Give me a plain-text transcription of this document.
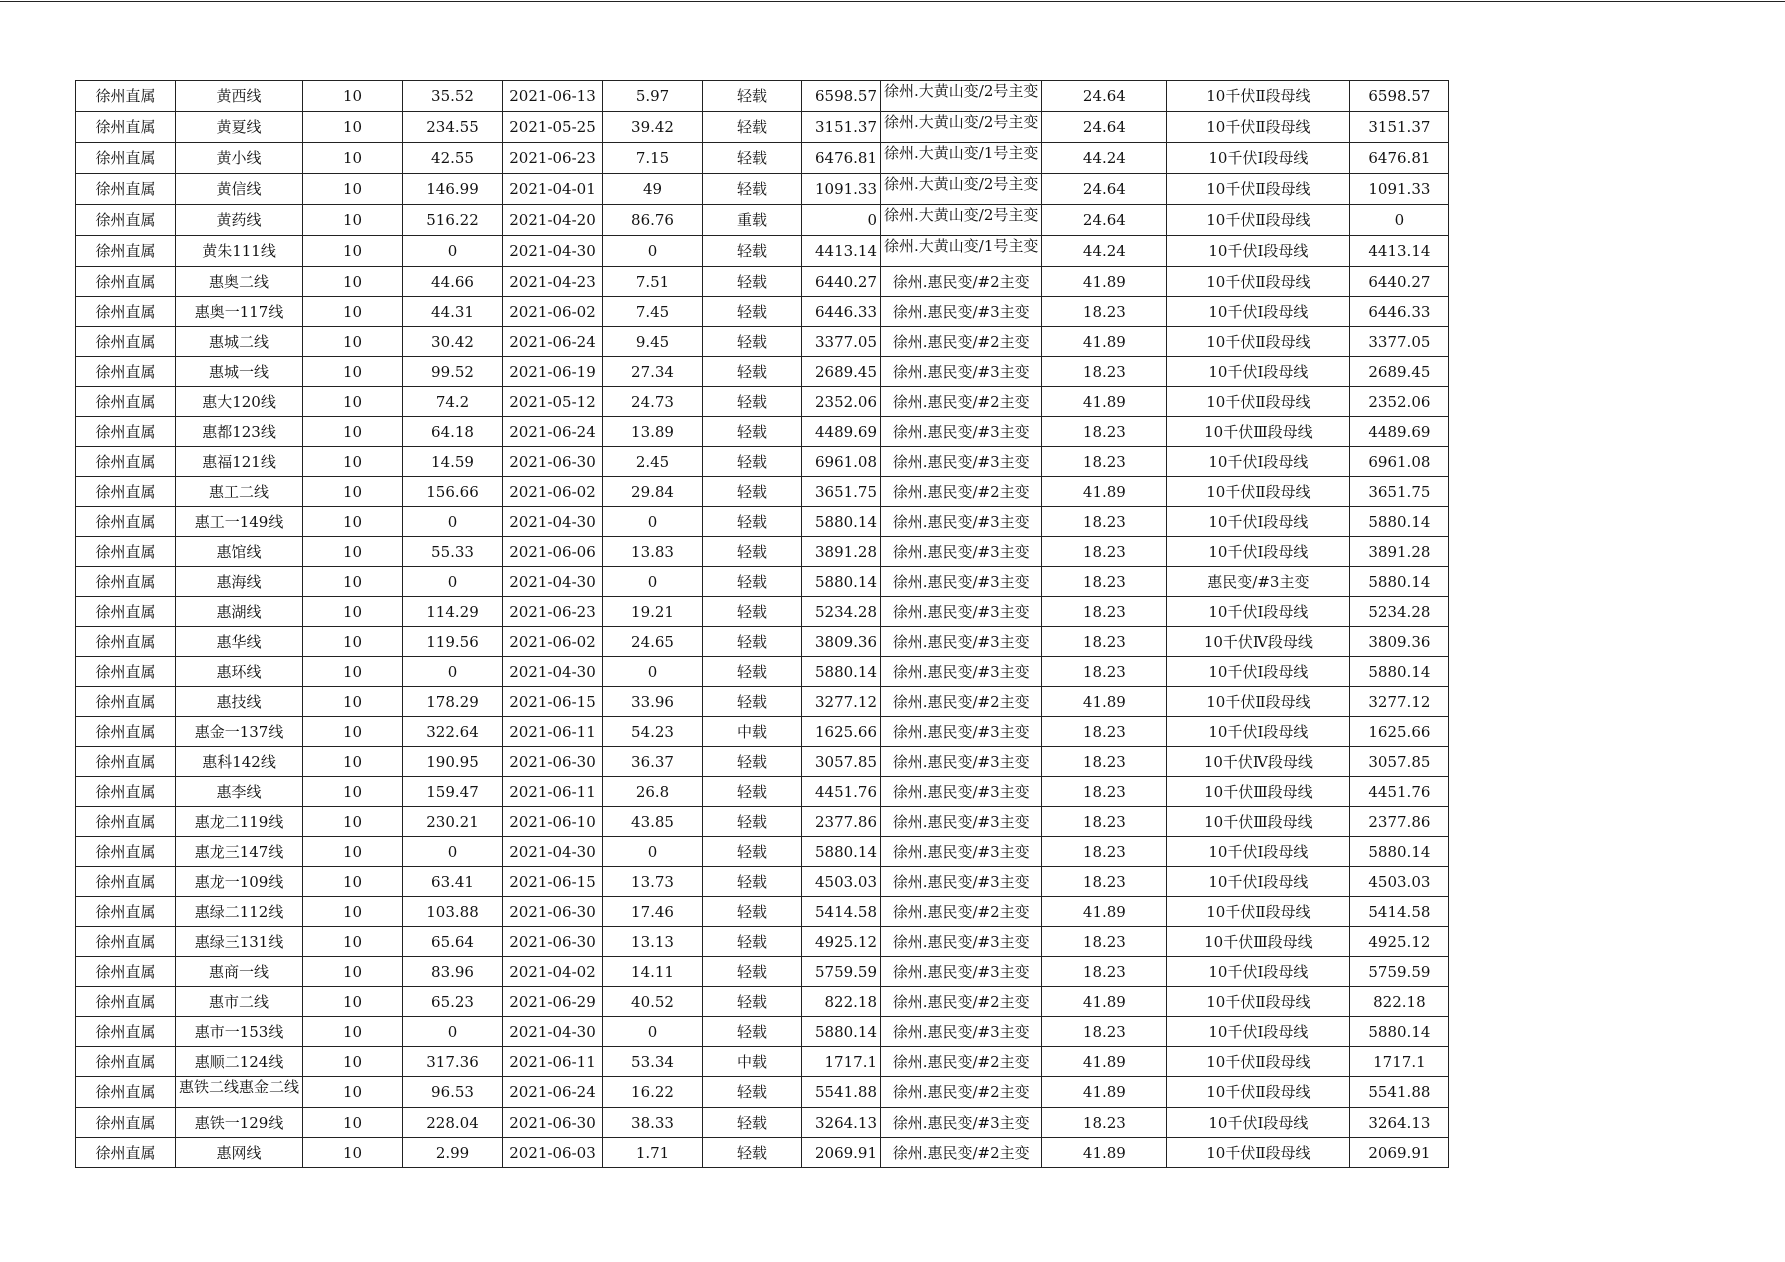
徐州直属	黄西线	10	35.52	2021-06-13	5.97	轻载	6598.57	徐州.大黄山变/2号主变	24.64	10千伏Ⅱ段母线	6598.57
徐州直属	黄夏线	10	234.55	2021-05-25	39.42	轻载	3151.37	徐州.大黄山变/2号主变	24.64	10千伏Ⅱ段母线	3151.37
徐州直属	黄小线	10	42.55	2021-06-23	7.15	轻载	6476.81	徐州.大黄山变/1号主变	44.24	10千伏Ⅰ段母线	6476.81
徐州直属	黄信线	10	146.99	2021-04-01	49	轻载	1091.33	徐州.大黄山变/2号主变	24.64	10千伏Ⅱ段母线	1091.33
徐州直属	黄药线	10	516.22	2021-04-20	86.76	重载	0	徐州.大黄山变/2号主变	24.64	10千伏Ⅱ段母线	0
徐州直属	黄朱111线	10	0	2021-04-30	0	轻载	4413.14	徐州.大黄山变/1号主变	44.24	10千伏Ⅰ段母线	4413.14
徐州直属	惠奥二线	10	44.66	2021-04-23	7.51	轻载	6440.27	徐州.惠民变/#2主变	41.89	10千伏Ⅱ段母线	6440.27
徐州直属	惠奥一117线	10	44.31	2021-06-02	7.45	轻载	6446.33	徐州.惠民变/#3主变	18.23	10千伏Ⅰ段母线	6446.33
徐州直属	惠城二线	10	30.42	2021-06-24	9.45	轻载	3377.05	徐州.惠民变/#2主变	41.89	10千伏Ⅱ段母线	3377.05
徐州直属	惠城一线	10	99.52	2021-06-19	27.34	轻载	2689.45	徐州.惠民变/#3主变	18.23	10千伏Ⅰ段母线	2689.45
徐州直属	惠大120线	10	74.2	2021-05-12	24.73	轻载	2352.06	徐州.惠民变/#2主变	41.89	10千伏Ⅱ段母线	2352.06
徐州直属	惠都123线	10	64.18	2021-06-24	13.89	轻载	4489.69	徐州.惠民变/#3主变	18.23	10千伏Ⅲ段母线	4489.69
徐州直属	惠福121线	10	14.59	2021-06-30	2.45	轻载	6961.08	徐州.惠民变/#3主变	18.23	10千伏Ⅰ段母线	6961.08
徐州直属	惠工二线	10	156.66	2021-06-02	29.84	轻载	3651.75	徐州.惠民变/#2主变	41.89	10千伏Ⅱ段母线	3651.75
徐州直属	惠工一149线	10	0	2021-04-30	0	轻载	5880.14	徐州.惠民变/#3主变	18.23	10千伏Ⅰ段母线	5880.14
徐州直属	惠馆线	10	55.33	2021-06-06	13.83	轻载	3891.28	徐州.惠民变/#3主变	18.23	10千伏Ⅰ段母线	3891.28
徐州直属	惠海线	10	0	2021-04-30	0	轻载	5880.14	徐州.惠民变/#3主变	18.23	惠民变/#3主变	5880.14
徐州直属	惠湖线	10	114.29	2021-06-23	19.21	轻载	5234.28	徐州.惠民变/#3主变	18.23	10千伏Ⅰ段母线	5234.28
徐州直属	惠华线	10	119.56	2021-06-02	24.65	轻载	3809.36	徐州.惠民变/#3主变	18.23	10千伏Ⅳ段母线	3809.36
徐州直属	惠环线	10	0	2021-04-30	0	轻载	5880.14	徐州.惠民变/#3主变	18.23	10千伏Ⅰ段母线	5880.14
徐州直属	惠技线	10	178.29	2021-06-15	33.96	轻载	3277.12	徐州.惠民变/#2主变	41.89	10千伏Ⅱ段母线	3277.12
徐州直属	惠金一137线	10	322.64	2021-06-11	54.23	中载	1625.66	徐州.惠民变/#3主变	18.23	10千伏Ⅰ段母线	1625.66
徐州直属	惠科142线	10	190.95	2021-06-30	36.37	轻载	3057.85	徐州.惠民变/#3主变	18.23	10千伏Ⅳ段母线	3057.85
徐州直属	惠李线	10	159.47	2021-06-11	26.8	轻载	4451.76	徐州.惠民变/#3主变	18.23	10千伏Ⅲ段母线	4451.76
徐州直属	惠龙二119线	10	230.21	2021-06-10	43.85	轻载	2377.86	徐州.惠民变/#3主变	18.23	10千伏Ⅲ段母线	2377.86
徐州直属	惠龙三147线	10	0	2021-04-30	0	轻载	5880.14	徐州.惠民变/#3主变	18.23	10千伏Ⅰ段母线	5880.14
徐州直属	惠龙一109线	10	63.41	2021-06-15	13.73	轻载	4503.03	徐州.惠民变/#3主变	18.23	10千伏Ⅰ段母线	4503.03
徐州直属	惠绿二112线	10	103.88	2021-06-30	17.46	轻载	5414.58	徐州.惠民变/#2主变	41.89	10千伏Ⅱ段母线	5414.58
徐州直属	惠绿三131线	10	65.64	2021-06-30	13.13	轻载	4925.12	徐州.惠民变/#3主变	18.23	10千伏Ⅲ段母线	4925.12
徐州直属	惠商一线	10	83.96	2021-04-02	14.11	轻载	5759.59	徐州.惠民变/#3主变	18.23	10千伏Ⅰ段母线	5759.59
徐州直属	惠市二线	10	65.23	2021-06-29	40.52	轻载	822.18	徐州.惠民变/#2主变	41.89	10千伏Ⅱ段母线	822.18
徐州直属	惠市一153线	10	0	2021-04-30	0	轻载	5880.14	徐州.惠民变/#3主变	18.23	10千伏Ⅰ段母线	5880.14
徐州直属	惠顺二124线	10	317.36	2021-06-11	53.34	中载	1717.1	徐州.惠民变/#2主变	41.89	10千伏Ⅱ段母线	1717.1
徐州直属	惠铁二线惠金二线	10	96.53	2021-06-24	16.22	轻载	5541.88	徐州.惠民变/#2主变	41.89	10千伏Ⅱ段母线	5541.88
徐州直属	惠铁一129线	10	228.04	2021-06-30	38.33	轻载	3264.13	徐州.惠民变/#3主变	18.23	10千伏Ⅰ段母线	3264.13
徐州直属	惠网线	10	2.99	2021-06-03	1.71	轻载	2069.91	徐州.惠民变/#2主变	41.89	10千伏Ⅱ段母线	2069.91
